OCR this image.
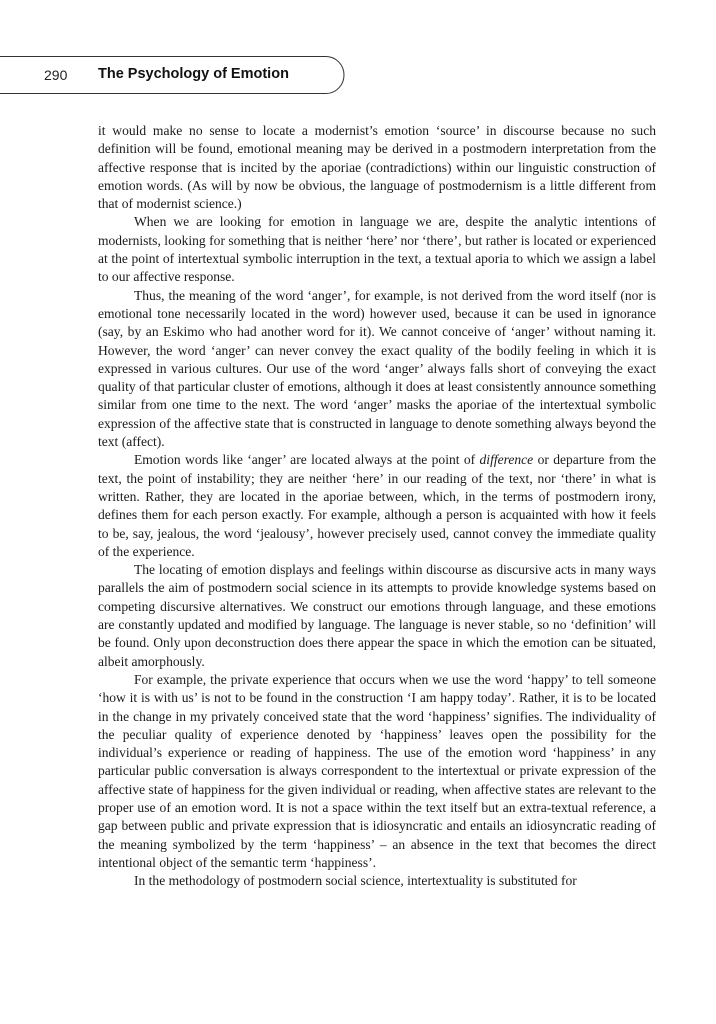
290 The Psychology of Emotion

it would make no sense to locate a modernist’s emotion ‘source’ in discourse because no such definition will be found, emotional meaning may be derived in a postmodern interpretation from the affective response that is incited by the aporiae (contradictions) within our linguistic construction of emotion words. (As will by now be obvious, the language of postmodernism is a little different from that of modernist science.)

When we are looking for emotion in language we are, despite the analytic intentions of modernists, looking for something that is neither ‘here’ nor ‘there’, but rather is located or experienced at the point of intertextual symbolic interruption in the text, a textual aporia to which we assign a label to our affective response.

Thus, the meaning of the word ‘anger’, for example, is not derived from the word itself (nor is emotional tone necessarily located in the word) however used, because it can be used in ignorance (say, by an Eskimo who had another word for it). We cannot conceive of ‘anger’ without naming it. However, the word ‘anger’ can never convey the exact quality of the bodily feeling in which it is expressed in various cultures. Our use of the word ‘anger’ always falls short of conveying the exact quality of that particular cluster of emotions, although it does at least consistently announce something similar from one time to the next. The word ‘anger’ masks the aporiae of the intertextual symbolic expression of the affective state that is constructed in language to denote something always beyond the text (affect).

Emotion words like ‘anger’ are located always at the point of difference or departure from the text, the point of instability; they are neither ‘here’ in our reading of the text, nor ‘there’ in what is written. Rather, they are located in the aporiae between, which, in the terms of postmodern irony, defines them for each person exactly. For example, although a person is acquainted with how it feels to be, say, jealous, the word ‘jealousy’, however precisely used, cannot convey the immediate quality of the experience.

The locating of emotion displays and feelings within discourse as discursive acts in many ways parallels the aim of postmodern social science in its attempts to provide knowledge systems based on competing discursive alternatives. We construct our emotions through language, and these emotions are constantly updated and modified by language. The language is never stable, so no ‘definition’ will be found. Only upon deconstruction does there appear the space in which the emotion can be situated, albeit amorphously.

For example, the private experience that occurs when we use the word ‘happy’ to tell someone ‘how it is with us’ is not to be found in the construction ‘I am happy today’. Rather, it is to be located in the change in my privately conceived state that the word ‘happiness’ signifies. The individuality of the peculiar quality of experience denoted by ‘happiness’ leaves open the possibility for the individual’s experience or reading of happiness. The use of the emotion word ‘happiness’ in any particular public conversation is always correspondent to the intertextual or private expression of the affective state of happiness for the given individual or reading, when affective states are relevant to the proper use of an emotion word. It is not a space within the text itself but an extra-textual reference, a gap between public and private expression that is idiosyncratic and entails an idiosyncratic reading of the meaning symbolized by the term ‘happiness’ – an absence in the text that becomes the direct intentional object of the semantic term ‘happiness’.

In the methodology of postmodern social science, intertextuality is substituted for
